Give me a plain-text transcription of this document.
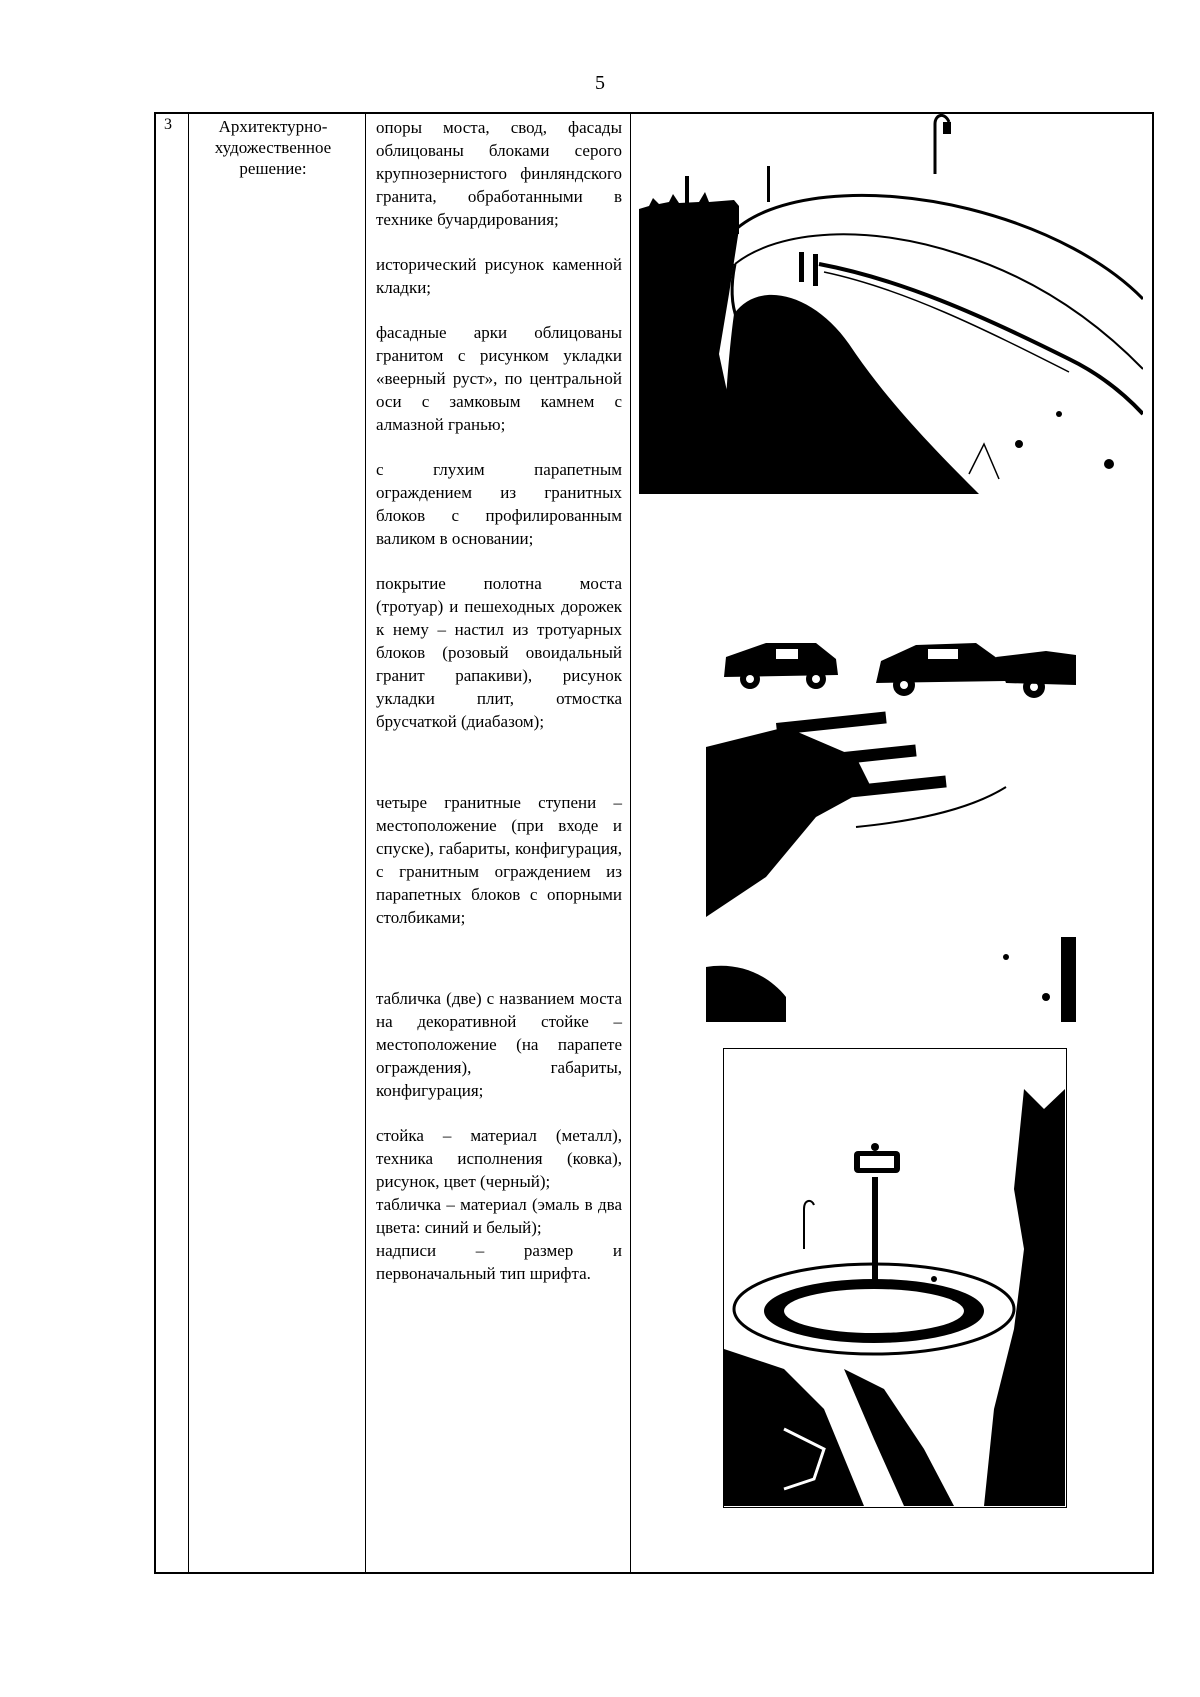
5
3	Архитектурно-художественное решение:

опоры моста, свод, фасады облицованы блоками серого крупнозернистого финляндского гранита, обработанными в технике бучардирования;

исторический рисунок каменной кладки;

фасадные арки облицованы гранитом с рисунком укладки «веерный руст», по центральной оси с замковым камнем с алмазной гранью;

с глухим парапетным ограждением из гранитных блоков с профилированным валиком в основании;

покрытие полотна моста (тротуар) и пешеходных дорожек к нему – настил из тротуарных блоков (розовый овоидальный гранит рапакиви), рисунок укладки плит, отмостка брусчаткой (диабазом);

четыре гранитные ступени – местоположение (при входе и спуске), габариты, конфигурация, с гранитным ограждением из парапетных блоков с опорными столбиками;

табличка (две) с названием моста на декоративной стойке – местоположение (на парапете ограждения), габариты, конфигурация;

стойка – материал (металл), техника исполнения (ковка), рисунок, цвет (черный);

табличка – материал (эмаль в два цвета: синий и белый);

надписи – размер и первоначальный тип шрифта.
